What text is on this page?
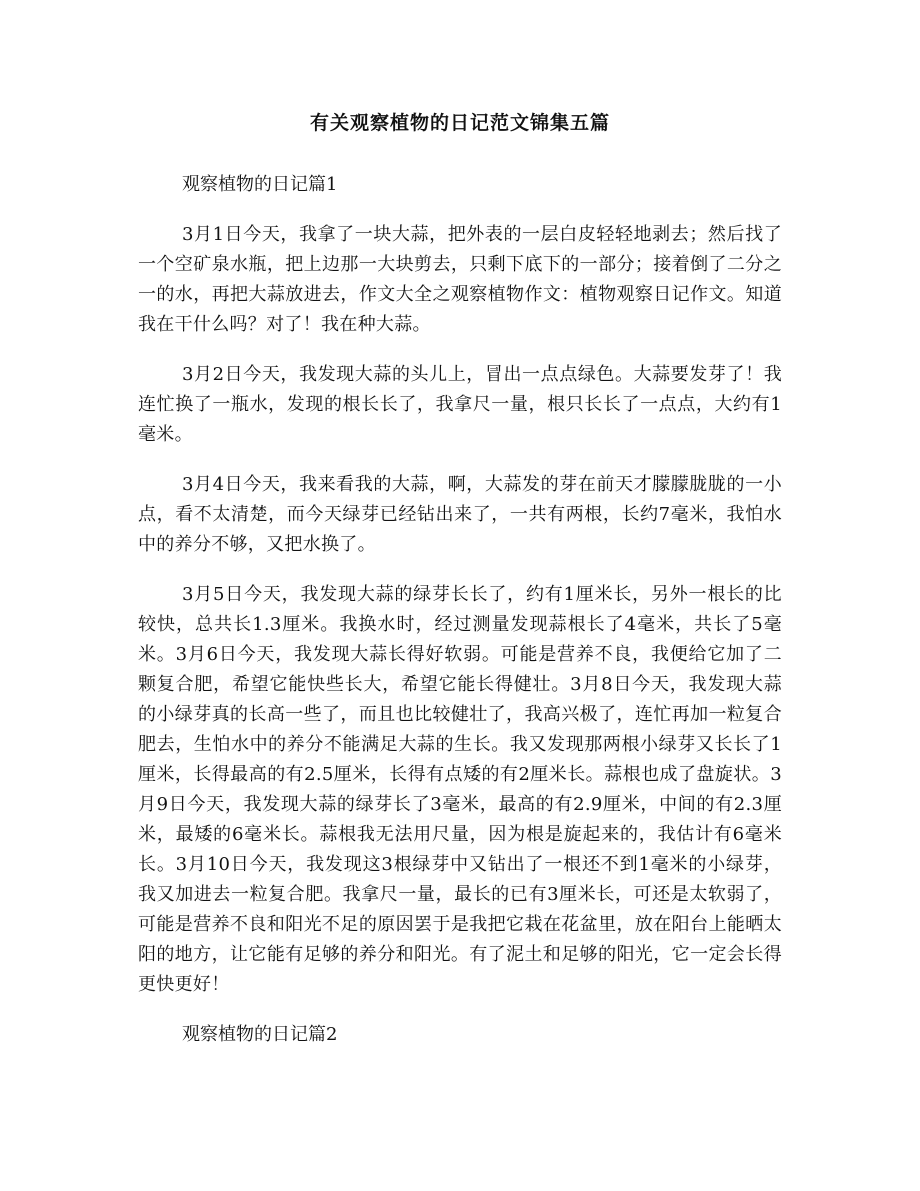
有关观察植物的日记范文锦集五篇

观察植物的日记篇1

3月1日今天，我拿了一块大蒜，把外表的一层白皮轻轻地剥去；然后找了一个空矿泉水瓶，把上边那一大块剪去，只剩下底下的一部分；接着倒了二分之一的水，再把大蒜放进去，作文大全之观察植物作文：植物观察日记作文。知道我在干什么吗？对了！我在种大蒜。

3月2日今天，我发现大蒜的头儿上，冒出一点点绿色。大蒜要发芽了！我连忙换了一瓶水，发现的根长长了，我拿尺一量，根只长长了一点点，大约有1毫米。

3月4日今天，我来看我的大蒜，啊，大蒜发的芽在前天才朦朦胧胧的一小点，看不太清楚，而今天绿芽已经钻出来了，一共有两根，长约7毫米，我怕水中的养分不够，又把水换了。

3月5日今天，我发现大蒜的绿芽长长了，约有1厘米长，另外一根长的比较快，总共长1.3厘米。我换水时，经过测量发现蒜根长了4毫米，共长了5毫米。3月6日今天，我发现大蒜长得好软弱。可能是营养不良，我便给它加了二颗复合肥，希望它能快些长大，希望它能长得健壮。3月8日今天，我发现大蒜的小绿芽真的长高一些了，而且也比较健壮了，我高兴极了，连忙再加一粒复合肥去，生怕水中的养分不能满足大蒜的生长。我又发现那两根小绿芽又长长了1厘米，长得最高的有2.5厘米，长得有点矮的有2厘米长。蒜根也成了盘旋状。3月9日今天，我发现大蒜的绿芽长了3毫米，最高的有2.9厘米，中间的有2.3厘米，最矮的6毫米长。蒜根我无法用尺量，因为根是旋起来的，我估计有6毫米长。3月10日今天，我发现这3根绿芽中又钻出了一根还不到1毫米的小绿芽，我又加进去一粒复合肥。我拿尺一量，最长的已有3厘米长，可还是太软弱了，可能是营养不良和阳光不足的原因罢于是我把它栽在花盆里，放在阳台上能晒太阳的地方，让它能有足够的养分和阳光。有了泥土和足够的阳光，它一定会长得更快更好！

观察植物的日记篇2
